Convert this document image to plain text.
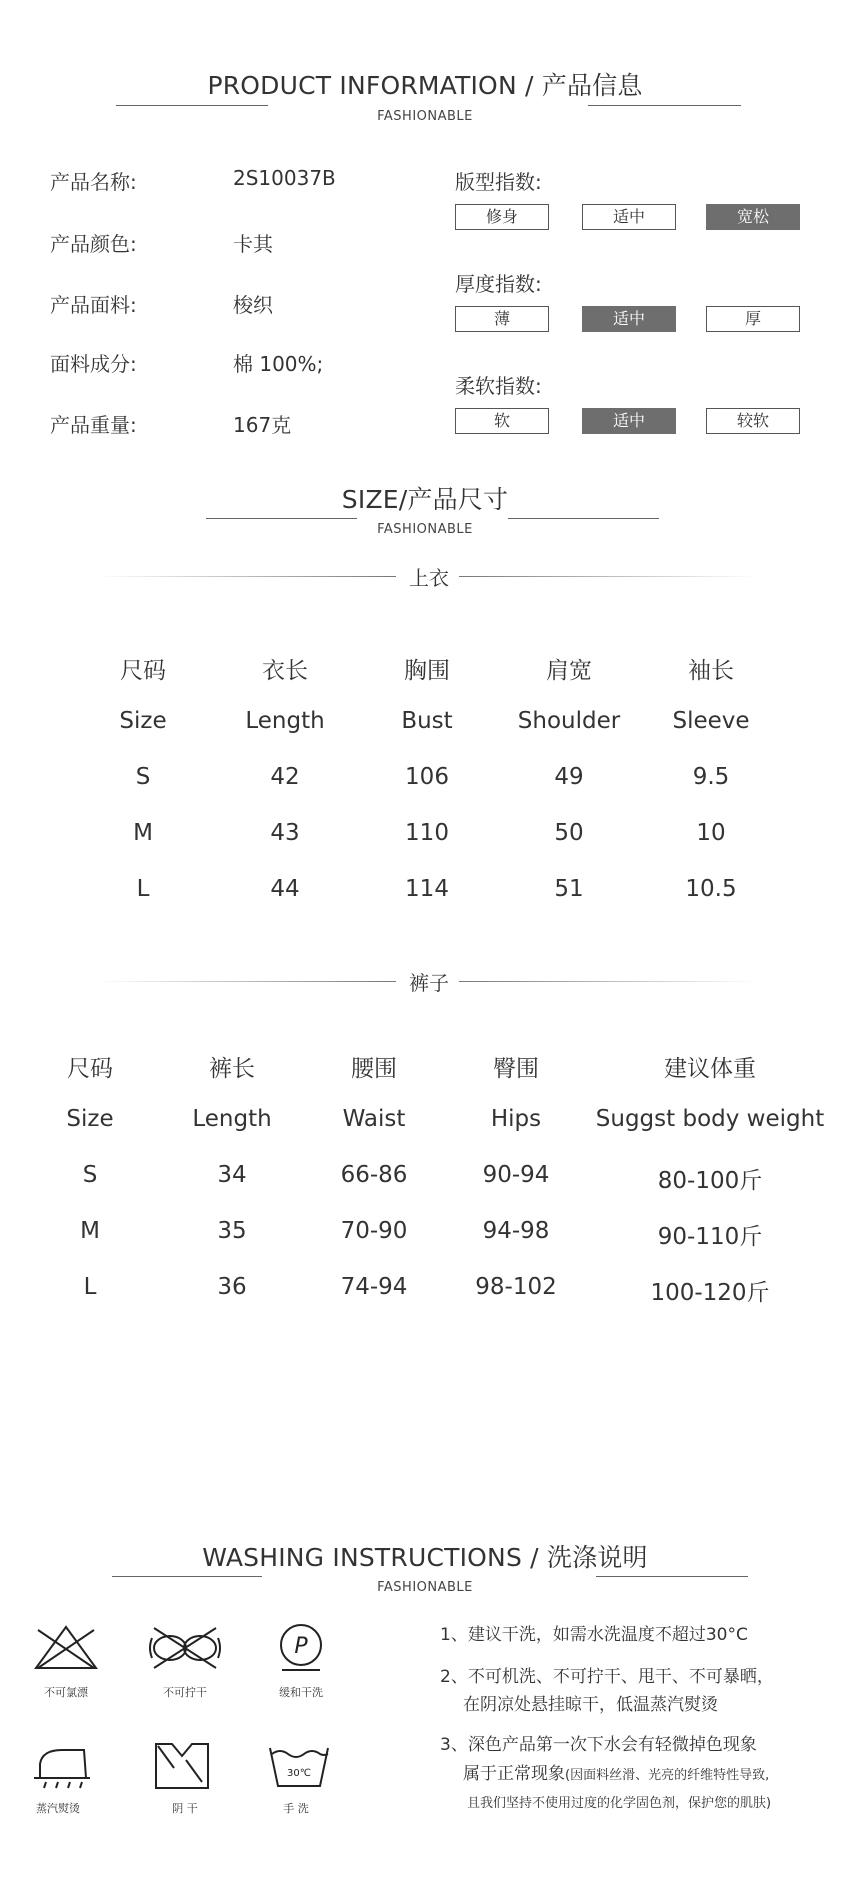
PRODUCT INFORMATION / 产品信息
FASHIONABLE
产品名称:	2S10037B
产品颜色:	卡其
产品面料:	梭织
面料成分:	棉 100%;
产品重量:	167克
版型指数:
修身	适中	宽松
厚度指数:
薄	适中	厚
柔软指数:
软	适中	较软
SIZE/产品尺寸
FASHIONABLE
上衣
尺码	衣长	胸围	肩宽	袖长
Size	Length	Bust	Shoulder	Sleeve
S	42	106	49	9.5
M	43	110	50	10
L	44	114	51	10.5
裤子
尺码	裤长	腰围	臀围	建议体重
Size	Length	Waist	Hips	Suggst body weight
S	34	66-86	90-94	80-100斤
M	35	70-90	94-98	90-110斤
L	36	74-94	98-102	100-120斤
WASHING INSTRUCTIONS / 洗涤说明
FASHIONABLE
不可氯漂	不可拧干
P
缓和干洗
蒸汽熨烫	阴 干
30℃
手 洗
1、建议干洗，如需水洗温度不超过30°C
2、不可机洗、不可拧干、甩干、不可暴晒，
在阴凉处悬挂晾干，低温蒸汽熨烫
3、深色产品第一次下水会有轻微掉色现象
属于正常现象(因面料丝滑、光亮的纤维特性导致,
且我们坚持不使用过度的化学固色剂，保护您的肌肤)
